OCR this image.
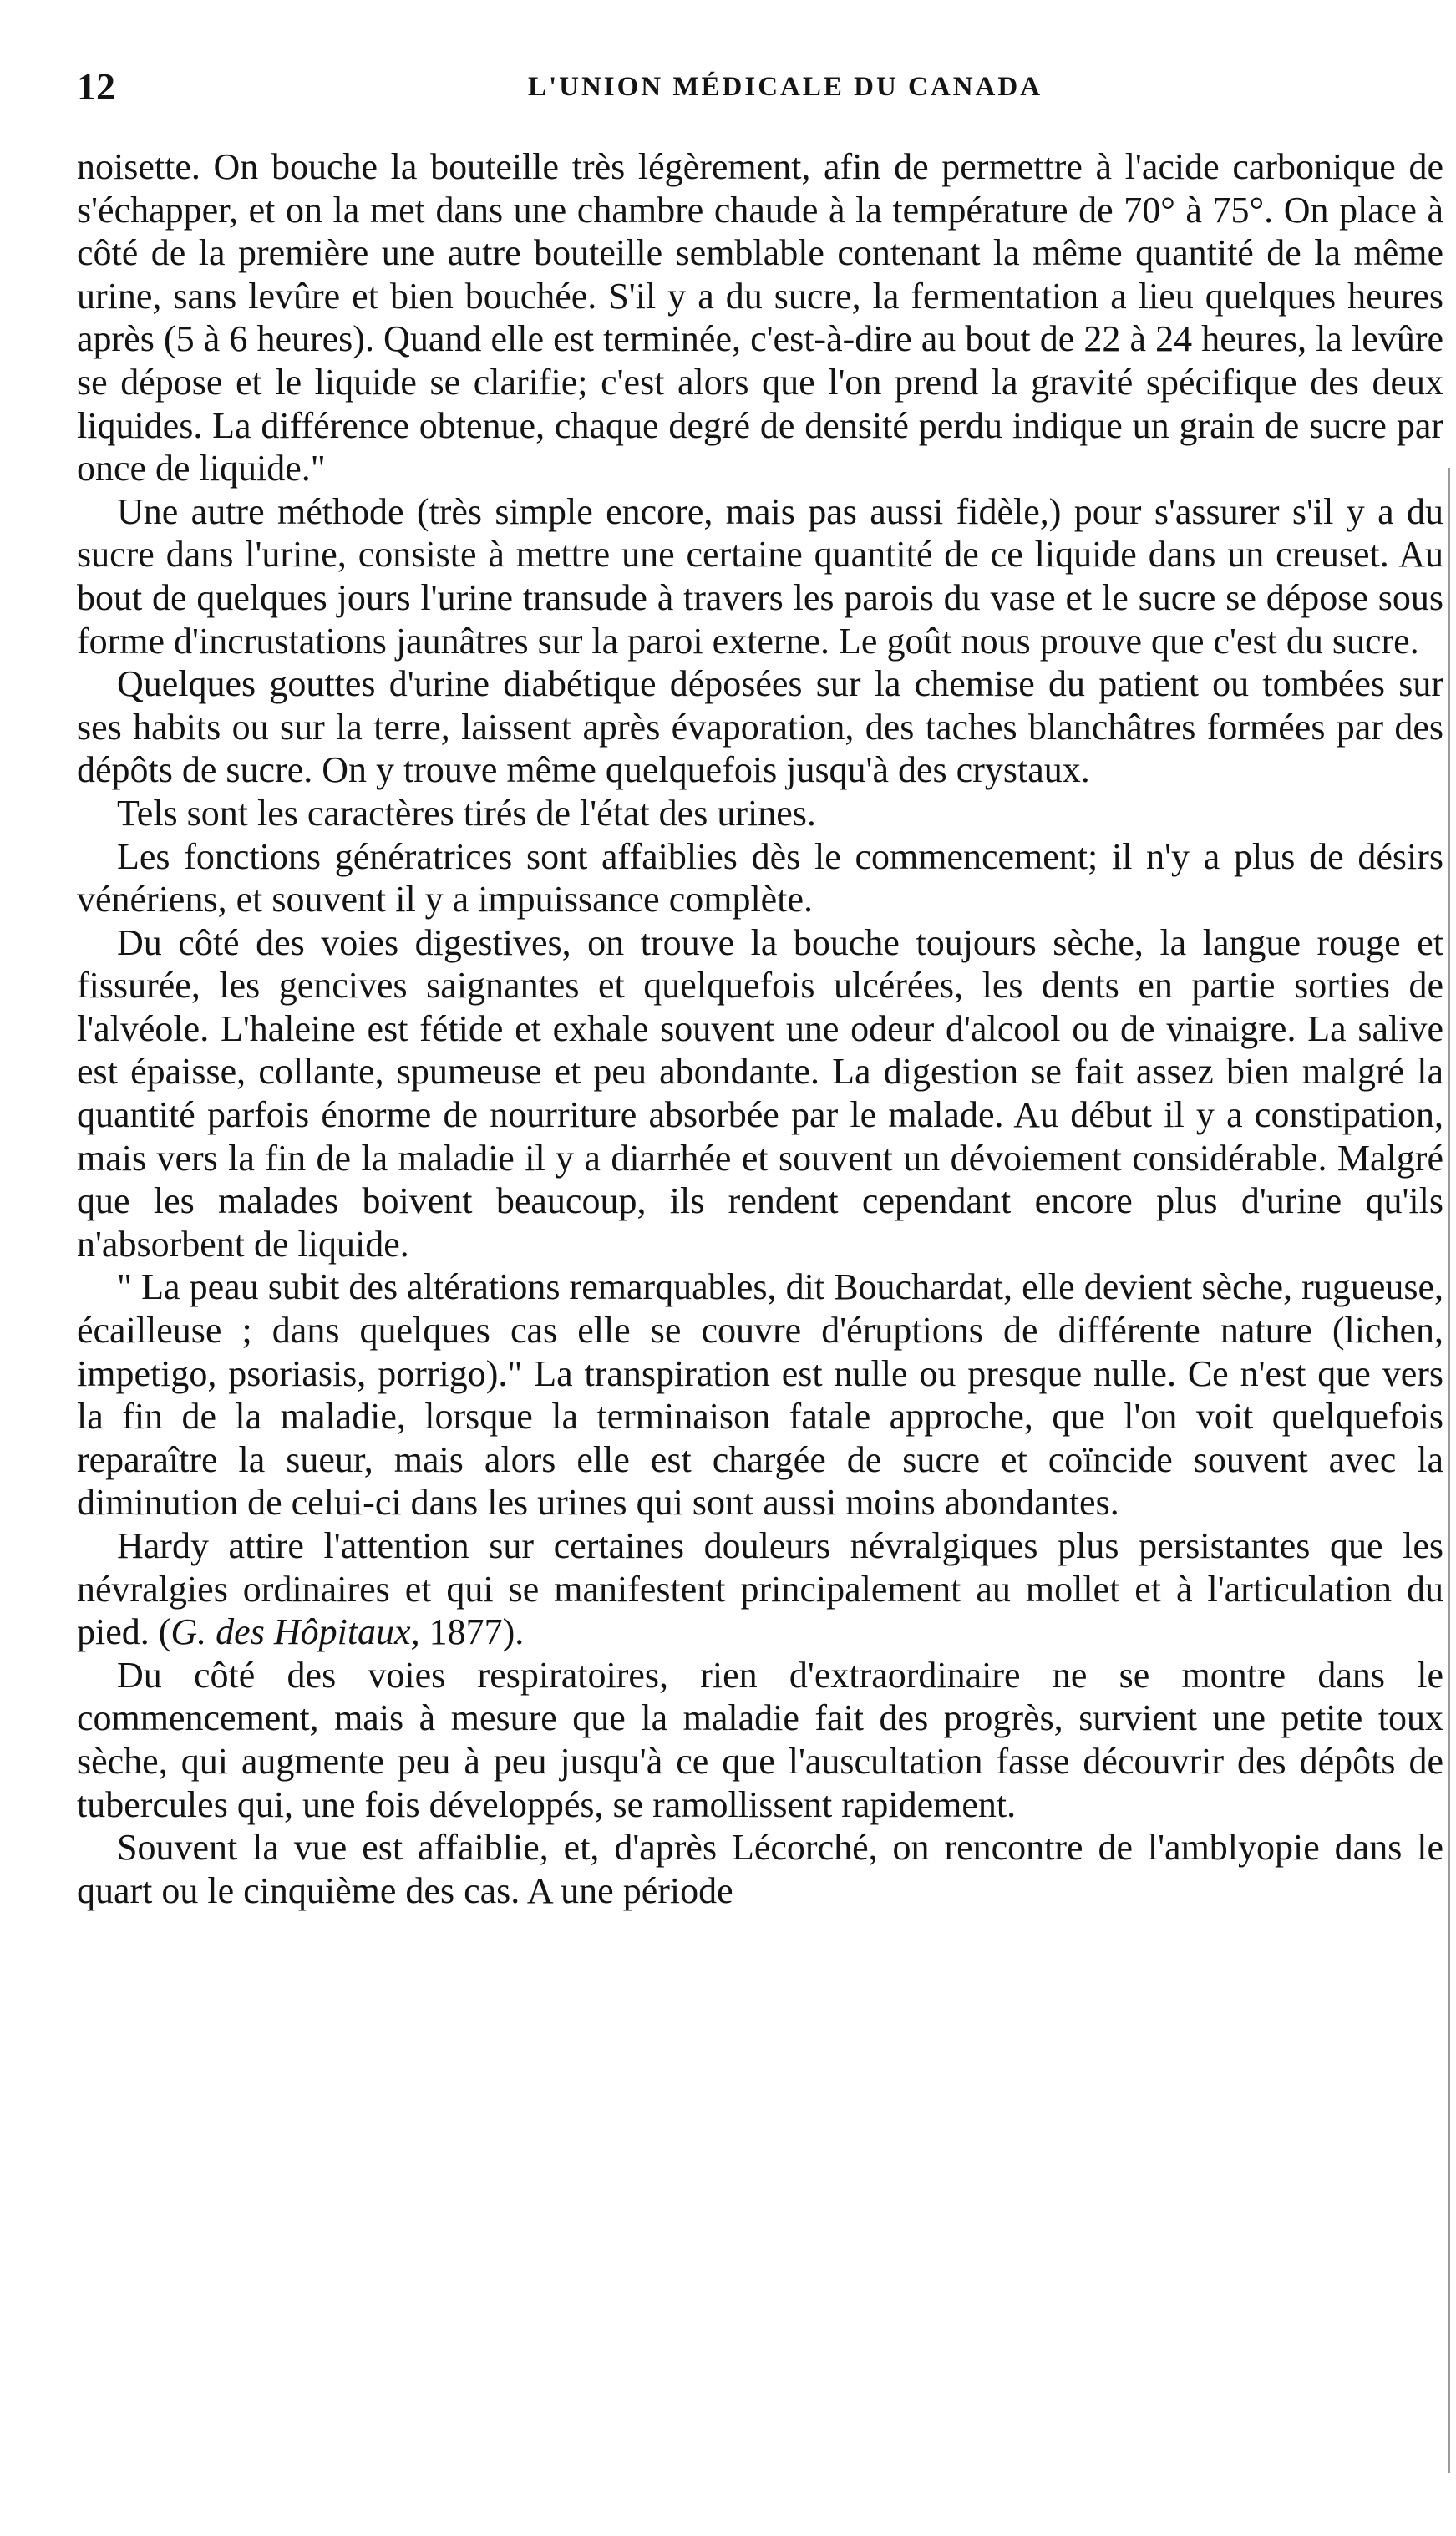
12	L'UNION MÉDICALE DU CANADA

noisette. On bouche la bouteille très légèrement, afin de permettre à l'acide carbonique de s'échapper, et on la met dans une chambre chaude à la température de 70° à 75°. On place à côté de la première une autre bouteille semblable contenant la même quantité de la même urine, sans levûre et bien bouchée. S'il y a du sucre, la fermentation a lieu quelques heures après (5 à 6 heures). Quand elle est terminée, c'est-à-dire au bout de 22 à 24 heures, la levûre se dépose et le liquide se clarifie; c'est alors que l'on prend la gravité spécifique des deux liquides. La différence obtenue, chaque degré de densité perdu indique un grain de sucre par once de liquide."

Une autre méthode (très simple encore, mais pas aussi fidèle,) pour s'assurer s'il y a du sucre dans l'urine, consiste à mettre une certaine quantité de ce liquide dans un creuset. Au bout de quelques jours l'urine transude à travers les parois du vase et le sucre se dépose sous forme d'incrustations jaunâtres sur la paroi externe. Le goût nous prouve que c'est du sucre.

Quelques gouttes d'urine diabétique déposées sur la chemise du patient ou tombées sur ses habits ou sur la terre, laissent après évaporation, des taches blanchâtres formées par des dépôts de sucre. On y trouve même quelquefois jusqu'à des crystaux.

Tels sont les caractères tirés de l'état des urines.

Les fonctions génératrices sont affaiblies dès le commencement; il n'y a plus de désirs vénériens, et souvent il y a impuissance complète.

Du côté des voies digestives, on trouve la bouche toujours sèche, la langue rouge et fissurée, les gencives saignantes et quelquefois ulcérées, les dents en partie sorties de l'alvéole. L'haleine est fétide et exhale souvent une odeur d'alcool ou de vinaigre. La salive est épaisse, collante, spumeuse et peu abondante. La digestion se fait assez bien malgré la quantité parfois énorme de nourriture absorbée par le malade. Au début il y a constipation, mais vers la fin de la maladie il y a diarrhée et souvent un dévoiement considérable. Malgré que les malades boivent beaucoup, ils rendent cependant encore plus d'urine qu'ils n'absorbent de liquide.

" La peau subit des altérations remarquables, dit Bouchardat, elle devient sèche, rugueuse, écailleuse ; dans quelques cas elle se couvre d'éruptions de différente nature (lichen, impetigo, psoriasis, porrigo)." La transpiration est nulle ou presque nulle. Ce n'est que vers la fin de la maladie, lorsque la terminaison fatale approche, que l'on voit quelquefois reparaître la sueur, mais alors elle est chargée de sucre et coïncide souvent avec la diminution de celui-ci dans les urines qui sont aussi moins abondantes.

Hardy attire l'attention sur certaines douleurs névralgiques plus persistantes que les névralgies ordinaires et qui se manifestent principalement au mollet et à l'articulation du pied. (G. des Hôpitaux, 1877).

Du côté des voies respiratoires, rien d'extraordinaire ne se montre dans le commencement, mais à mesure que la maladie fait des progrès, survient une petite toux sèche, qui augmente peu à peu jusqu'à ce que l'auscultation fasse découvrir des dépôts de tubercules qui, une fois développés, se ramollissent rapidement.

Souvent la vue est affaiblie, et, d'après Lécorché, on rencontre de l'amblyopie dans le quart ou le cinquième des cas. A une période
